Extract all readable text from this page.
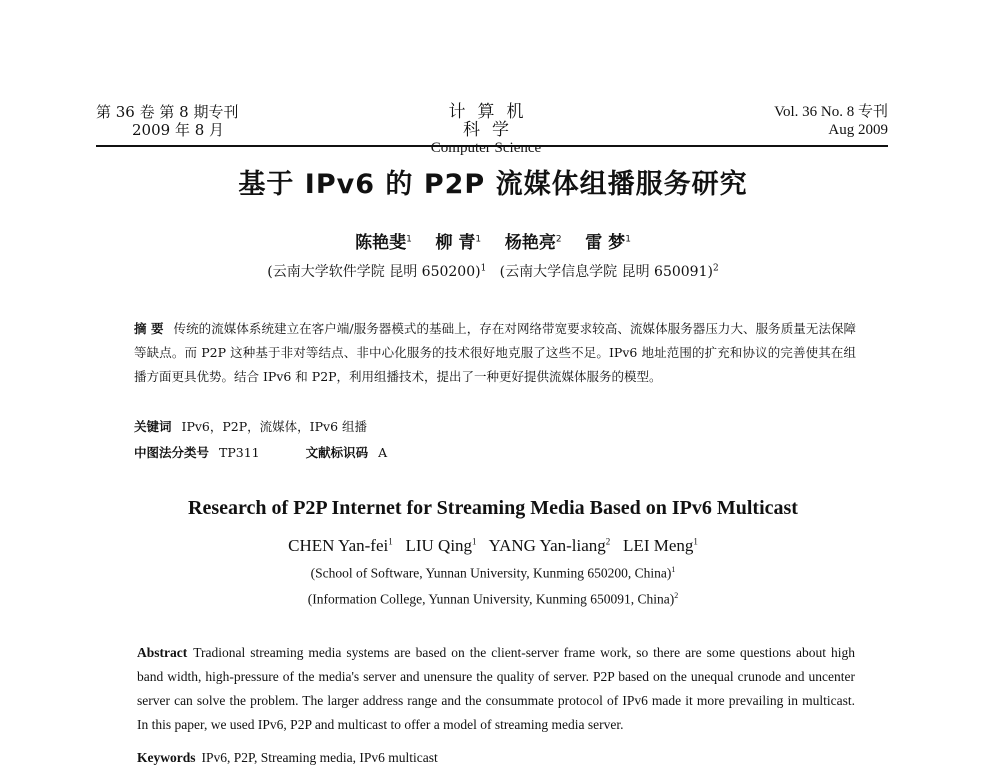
第 36 卷 第 8 期专刊
2009 年 8 月
计算机科学
Computer Science
Vol. 36 No. 8 专刊
Aug 2009
基于 IPv6 的 P2P 流媒体组播服务研究
陈艳斐$^1$ 柳 青$^1$ 杨艳亮$^2$ 雷 梦$^1$
(云南大学软件学院 昆明 650200)$^1$ (云南大学信息学院 昆明 650091)$^2$
摘 要 传统的流媒体系统建立在客户端/服务器模式的基础上，存在对网络带宽要求较高、流媒体服务器压力大、服务质量无法保障等缺点。而 P2P 这种基于非对等结点、非中心化服务的技术很好地克服了这些不足。IPv6 地址范围的扩充和协议的完善使其在组播方面更具优势。结合 IPv6 和 P2P，利用组播技术，提出了一种更好提供流媒体服务的模型。
关键词 IPv6，P2P，流媒体，IPv6 组播
中图法分类号 TP311	文献标识码 A
Research of P2P Internet for Streaming Media Based on IPv6 Multicast
CHEN Yan-fei$^1$ LIU Qing$^1$ YANG Yan-liang$^2$ LEI Meng$^1$
(School of Software, Yunnan University, Kunming 650200, China)$^1$
(Information College, Yunnan University, Kunming 650091, China)$^2$
Abstract Tradional streaming media systems are based on the client-server frame work, so there are some questions about high band width, high-pressure of the media's server and unensure the quality of server. P2P based on the unequal crunode and uncenter server can solve the problem. The larger address range and the consummate protocol of IPv6 made it more prevailing in multicast. In this paper, we used IPv6, P2P and multicast to offer a model of streaming media server.
Keywords IPv6, P2P, Streaming media, IPv6 multicast
